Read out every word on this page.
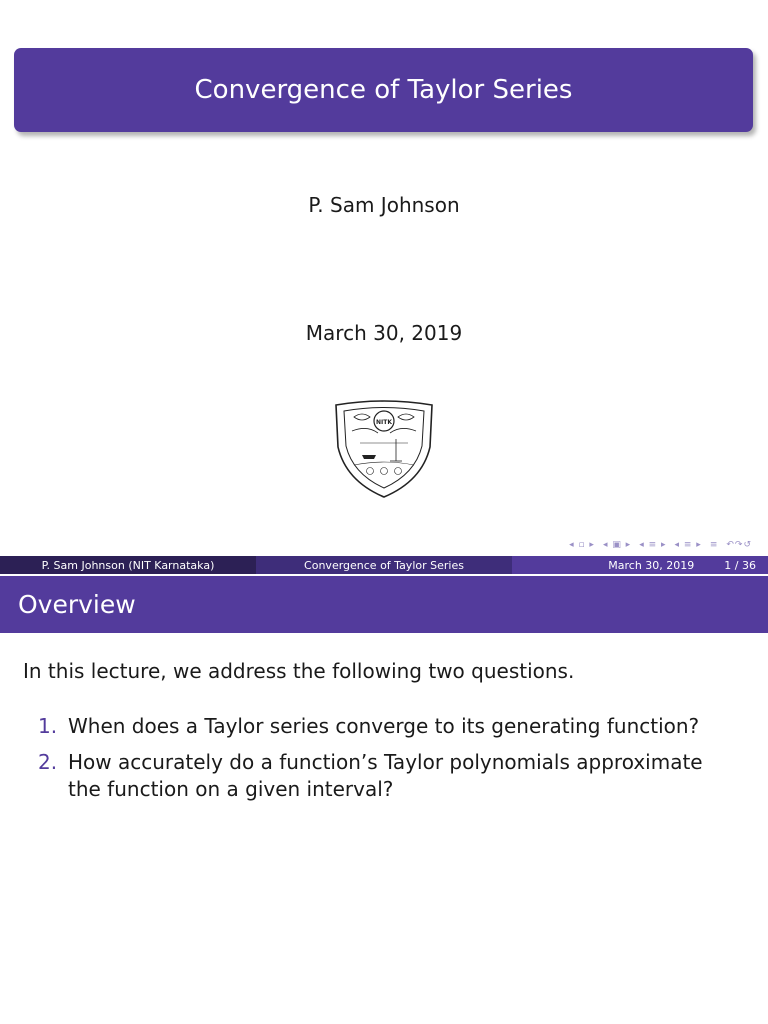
Convergence of Taylor Series
P. Sam Johnson
March 30, 2019
NITK
◂ ▫ ▸ ◂ ▣ ▸ ◂ ≡ ▸ ◂ ≡ ▸ ≡ ↶↷↺
P. Sam Johnson (NIT Karnataka)	Convergence of Taylor Series	March 30, 2019	1 / 36
Overview
In this lecture, we address the following two questions.
1. When does a Taylor series converge to its generating function?
2. How accurately do a function’s Taylor polynomials approximate the function on a given interval?
